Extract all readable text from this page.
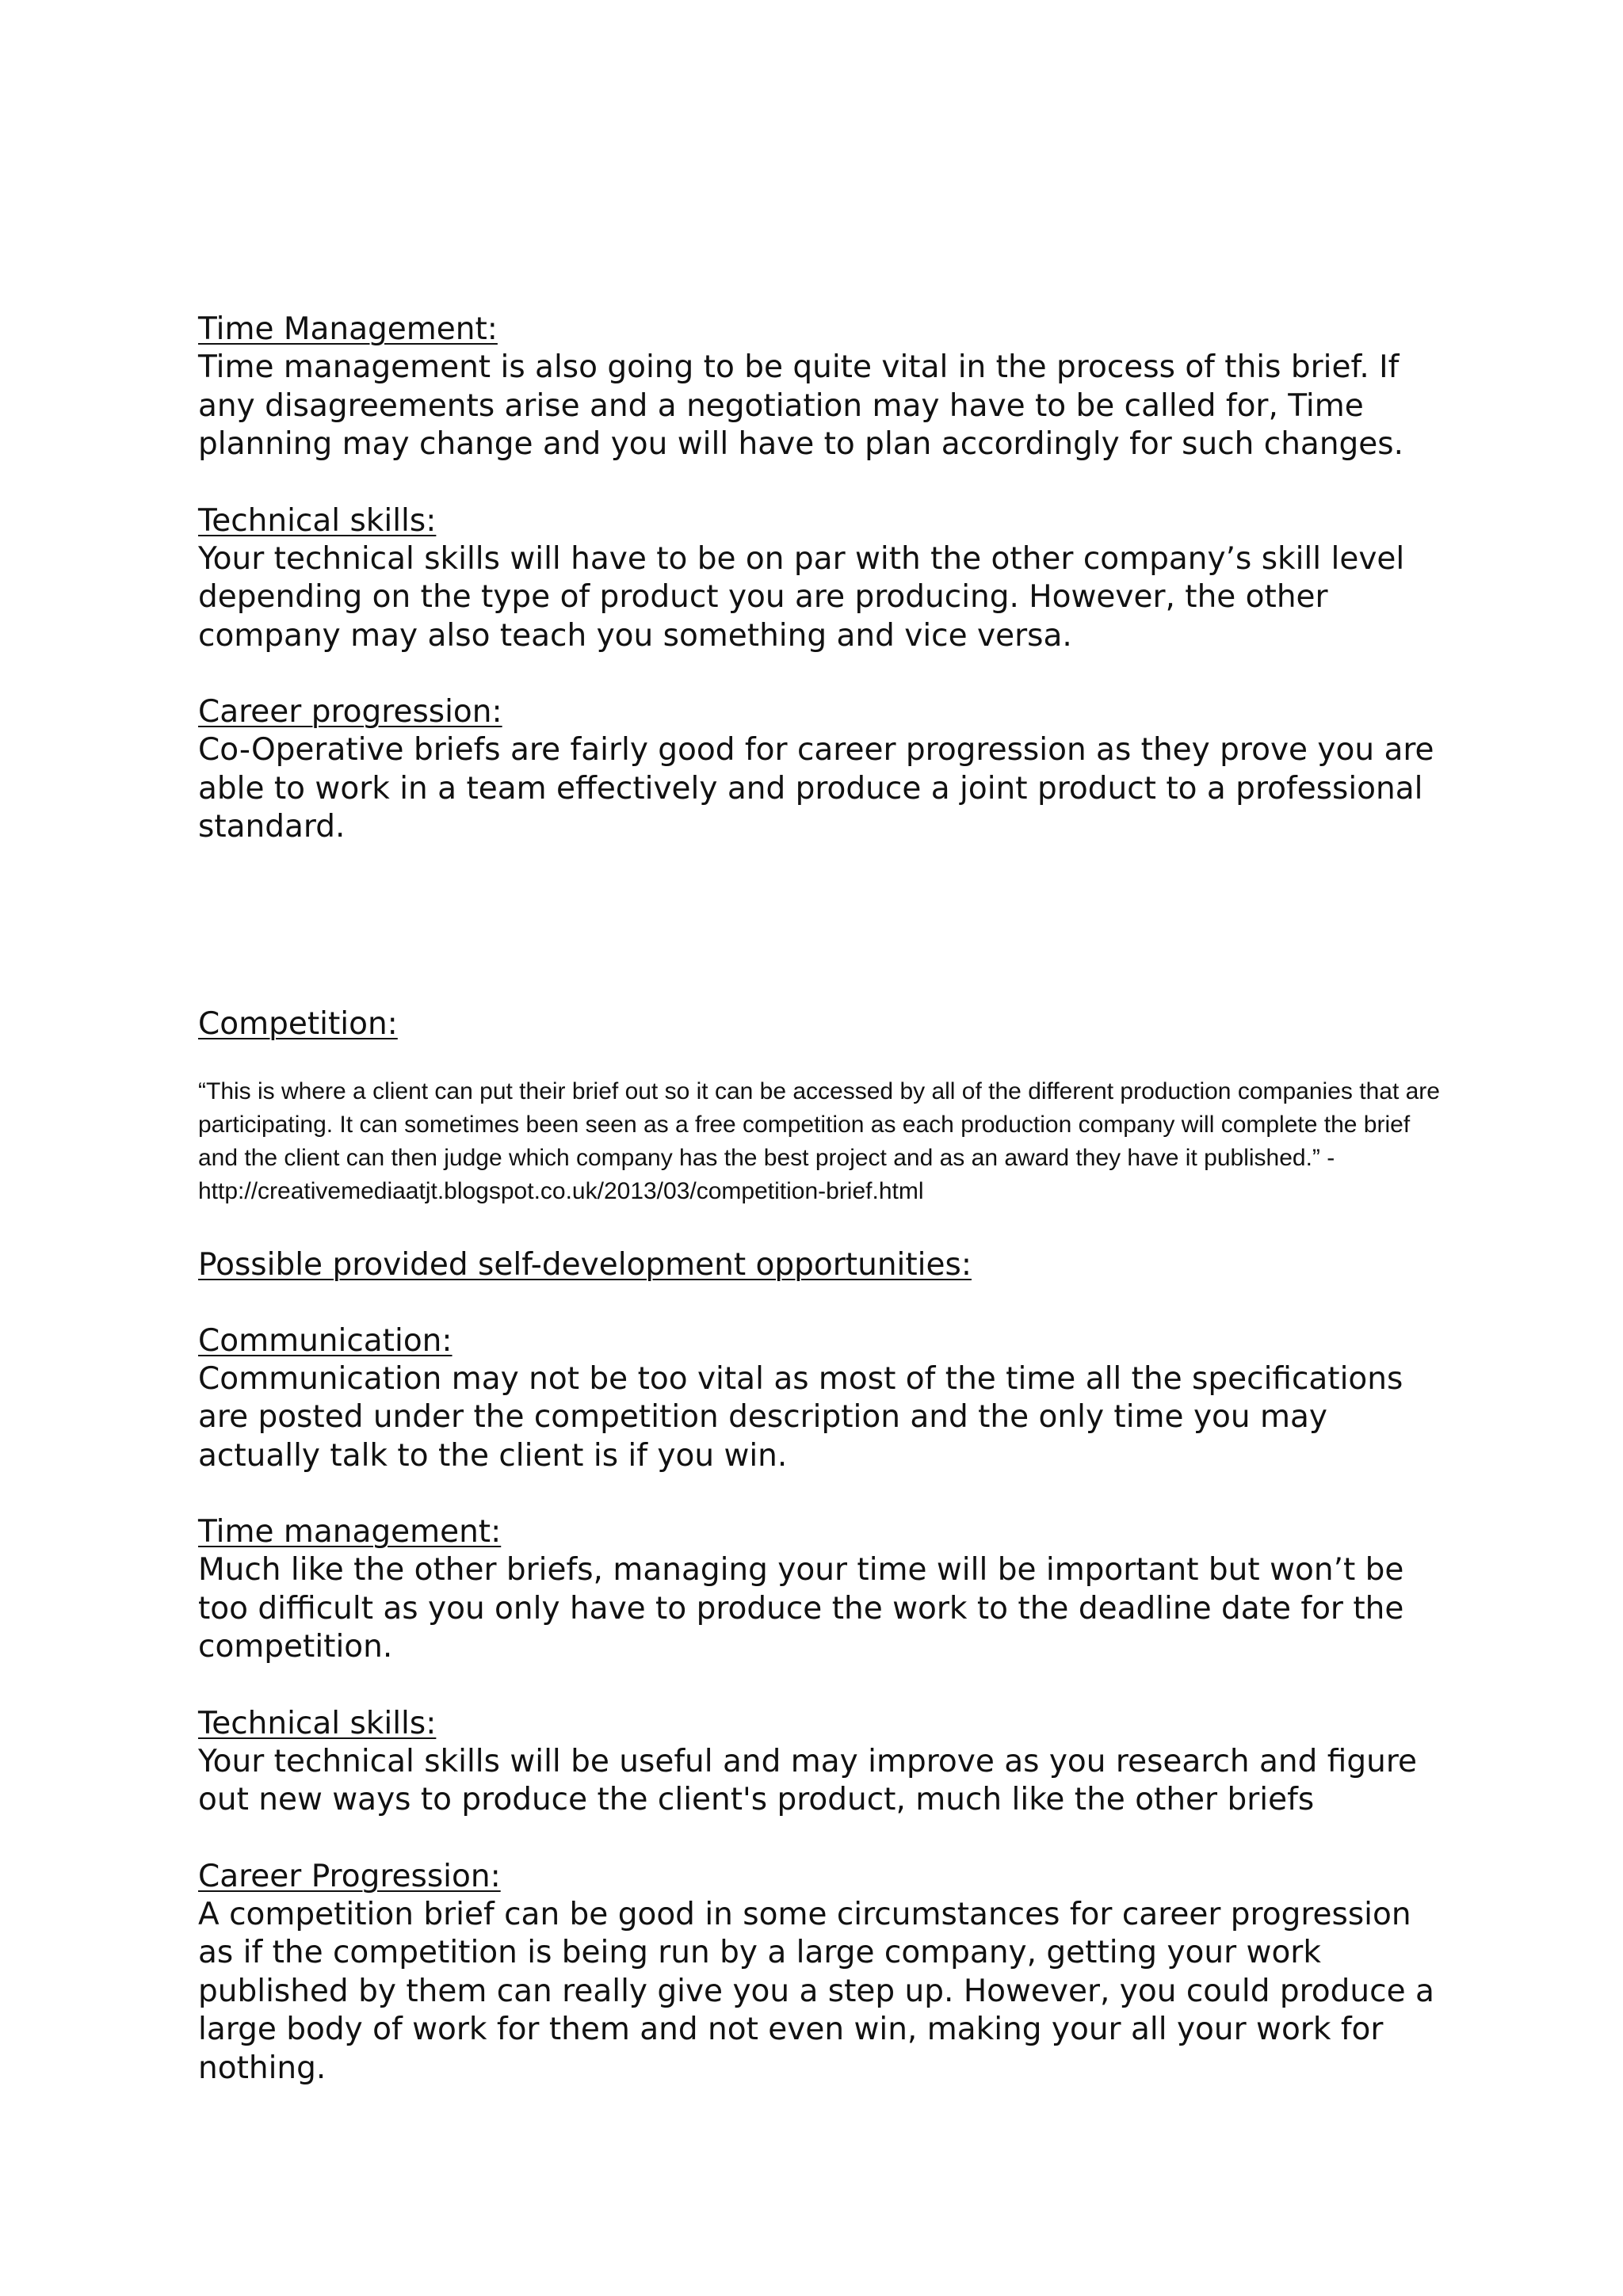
Time Management:

Time management is also going to be quite vital in the process of this brief. If any disagreements arise and a negotiation may have to be called for, Time planning may change and you will have to plan accordingly for such changes.

Technical skills:

Your technical skills will have to be on par with the other company’s skill level depending on the type of product you are producing. However, the other company may also teach you something and vice versa.

Career progression:

Co-Operative briefs are fairly good for career progression as they prove you are able to work in a team effectively and produce a joint product to a professional standard.

Competition:

“This is where a client can put their brief out so it can be accessed by all of the different production companies that are participating. It can sometimes been seen as a free competition as each production company will complete the brief and the client can then judge which company has the best project and as an award they have it published.” - http://creativemediaatjt.blogspot.co.uk/2013/03/competition-brief.html

Possible provided self-development opportunities:

Communication:

Communication may not be too vital as most of the time all the specifications are posted under the competition description and the only time you may actually talk to the client is if you win.

Time management:

Much like the other briefs, managing your time will be important but won’t be too difficult as you only have to produce the work to the deadline date for the competition.

Technical skills:

Your technical skills will be useful and may improve as you research and figure out new ways to produce the client's product, much like the other briefs

Career Progression:

A competition brief can be good in some circumstances for career progression as if the competition is being run by a large company, getting your work published by them can really give you a step up. However, you could produce a large body of work for them and not even win, making your all your work for nothing.
